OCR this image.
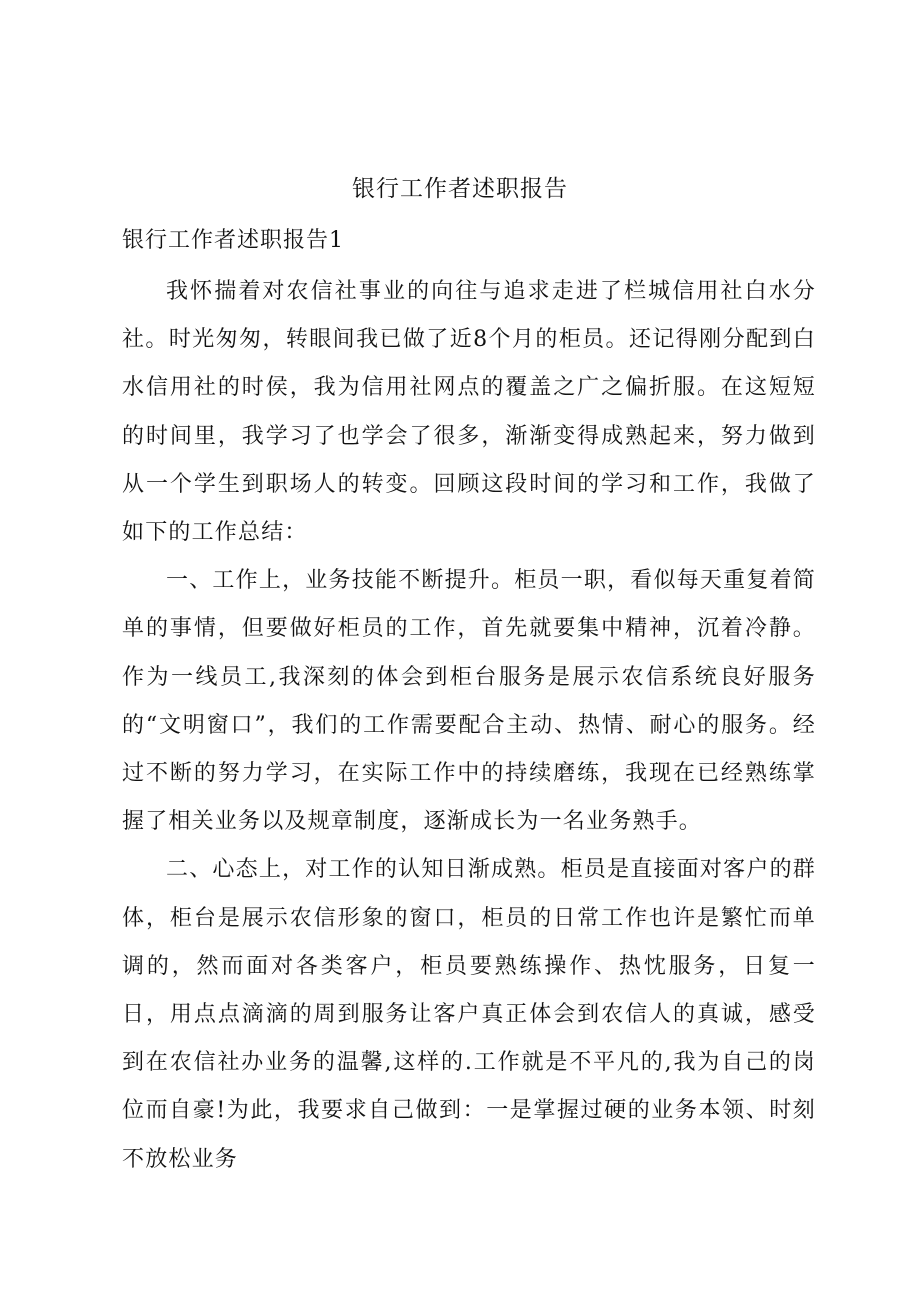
银行工作者述职报告

银行工作者述职报告1

我怀揣着对农信社事业的向往与追求走进了栏城信用社白水分社。时光匆匆，转眼间我已做了近8个月的柜员。还记得刚分配到白水信用社的时侯，我为信用社网点的覆盖之广之偏折服。在这短短的时间里，我学习了也学会了很多，渐渐变得成熟起来，努力做到从一个学生到职场人的转变。回顾这段时间的学习和工作，我做了如下的工作总结：

一、工作上，业务技能不断提升。柜员一职，看似每天重复着简单的事情，但要做好柜员的工作，首先就要集中精神，沉着冷静。作为一线员工,我深刻的体会到柜台服务是展示农信系统良好服务的“文明窗口”，我们的工作需要配合主动、热情、耐心的服务。经过不断的努力学习，在实际工作中的持续磨练，我现在已经熟练掌握了相关业务以及规章制度，逐渐成长为一名业务熟手。

二、心态上，对工作的认知日渐成熟。柜员是直接面对客户的群体，柜台是展示农信形象的窗口，柜员的日常工作也许是繁忙而单调的，然而面对各类客户，柜员要熟练操作、热忱服务，日复一日，用点点滴滴的周到服务让客户真正体会到农信人的真诚，感受到在农信社办业务的温馨,这样的.工作就是不平凡的,我为自己的岗位而自豪!为此，我要求自己做到：一是掌握过硬的业务本领、时刻不放松业务
